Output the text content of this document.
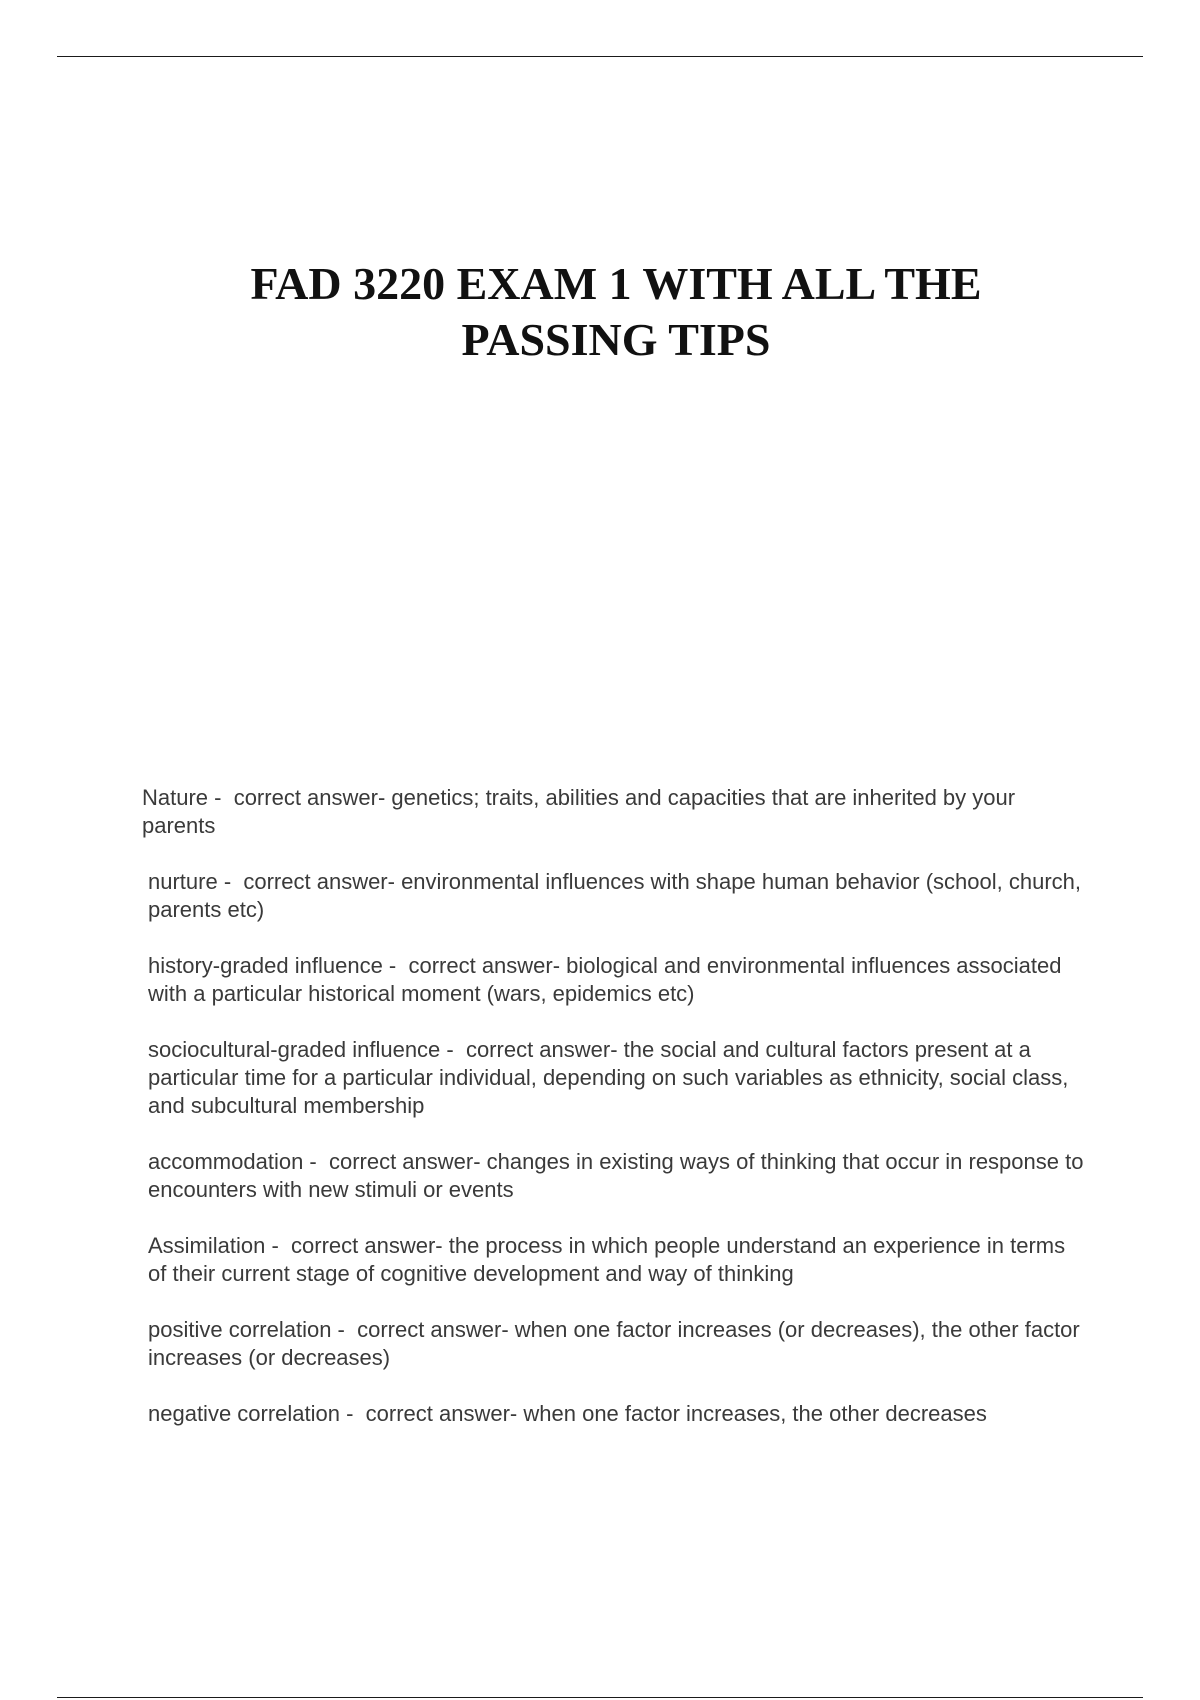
FAD 3220 EXAM 1 WITH ALL THE
PASSING TIPS
Nature -  correct answer- genetics; traits, abilities and capacities that are inherited by your parents
nurture -  correct answer- environmental influences with shape human behavior (school, church, parents etc)
history-graded influence -  correct answer- biological and environmental influences associated with a particular historical moment (wars, epidemics etc)
sociocultural-graded influence -  correct answer- the social and cultural factors present at a particular time for a particular individual, depending on such variables as ethnicity, social class, and subcultural membership
accommodation -  correct answer- changes in existing ways of thinking that occur in response to encounters with new stimuli or events
Assimilation -  correct answer- the process in which people understand an experience in terms of their current stage of cognitive development and way of thinking
positive correlation -  correct answer- when one factor increases (or decreases), the other factor increases (or decreases)
negative correlation -  correct answer- when one factor increases, the other decreases
